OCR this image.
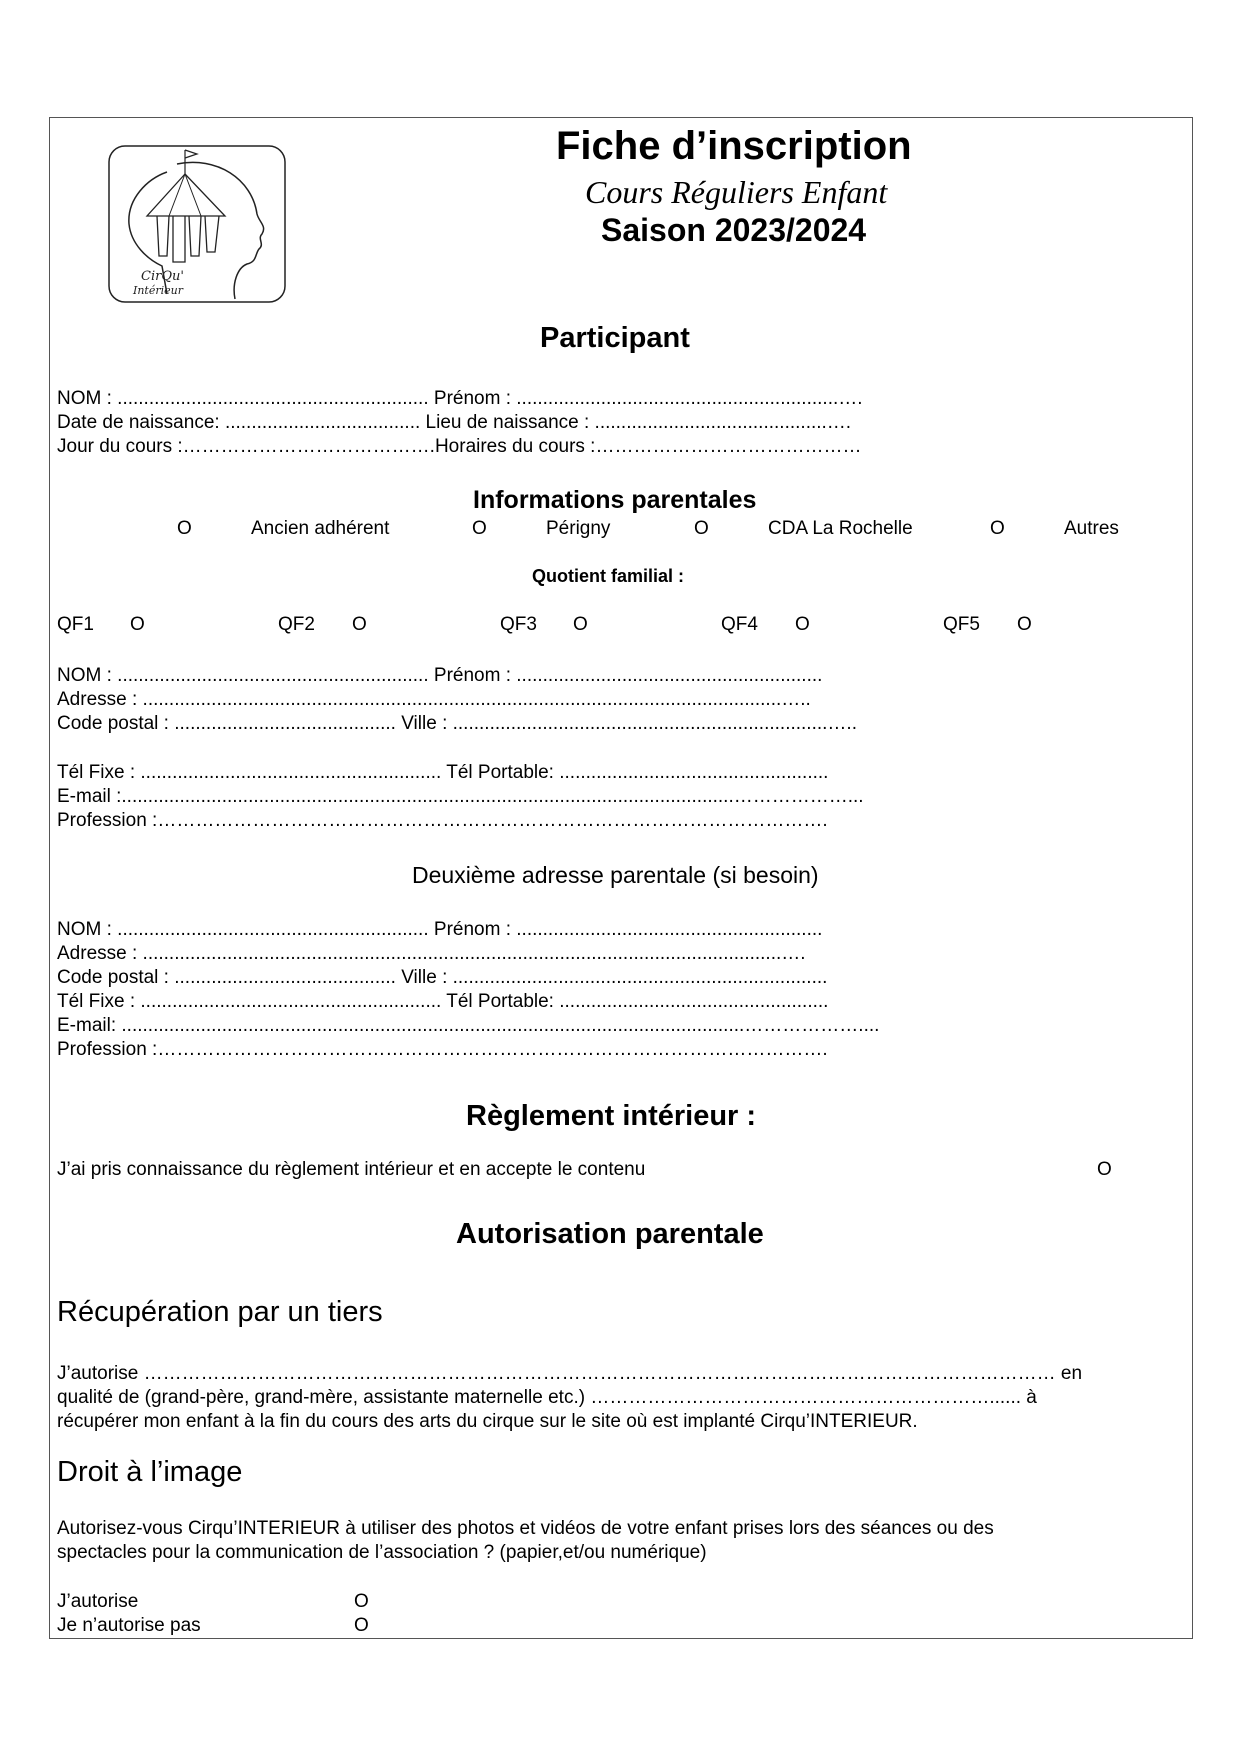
CirQu'
Intérieur
Fiche d’inscription
Cours Réguliers Enfant
Saison 2023/2024
Participant
NOM : ........................................................... Prénom : .............................................................….
Date de naissance: ..................................... Lieu de naissance : ............................................….
Jour du cours :………………………………….Horaires du cours :……………………………………
Informations parentales
O	Ancien adhérent	O	Périgny	O	CDA La Rochelle	O	Autres
Quotient familial :
QF1 O	QF2 O	QF3 O	QF4 O	QF5 O
NOM : ........................................................... Prénom : ..........................................................
Adresse : .........................................................................................................................…..
Code postal : .......................................... Ville : .......................................................................…..
Tél Fixe : ......................................................... Tél Portable: ...................................................
E-mail :....................................................................................................................………………...
Profession :…………………………………………………………………………………………….
Deuxième adresse parentale (si besoin)
NOM : ........................................................... Prénom : ..........................................................
Adresse : .........................................................................................................................….
Code postal : .......................................... Ville : .......................................................................
Tél Fixe : ......................................................... Tél Portable: ...................................................
E-mail: ......................................................................................................................………………....
Profession :…………………………………………………………………………………………….
Règlement intérieur :
J’ai pris connaissance du règlement intérieur et en accepte le contenu	O
Autorisation parentale
Récupération par un tiers
J’autorise ……………………………………………………………………………………………………………………………… en
qualité de (grand-père, grand-mère, assistante maternelle etc.) ………………………………………………………...... à
récupérer mon enfant à la fin du cours des arts du cirque sur le site où est implanté Cirqu’INTERIEUR.
Droit à l’image
Autorisez-vous Cirqu’INTERIEUR à utiliser des photos et vidéos de votre enfant prises lors des séances ou des
spectacles pour la communication de l’association ? (papier,et/ou numérique)
J’autorise	O
Je n’autorise pas	O
